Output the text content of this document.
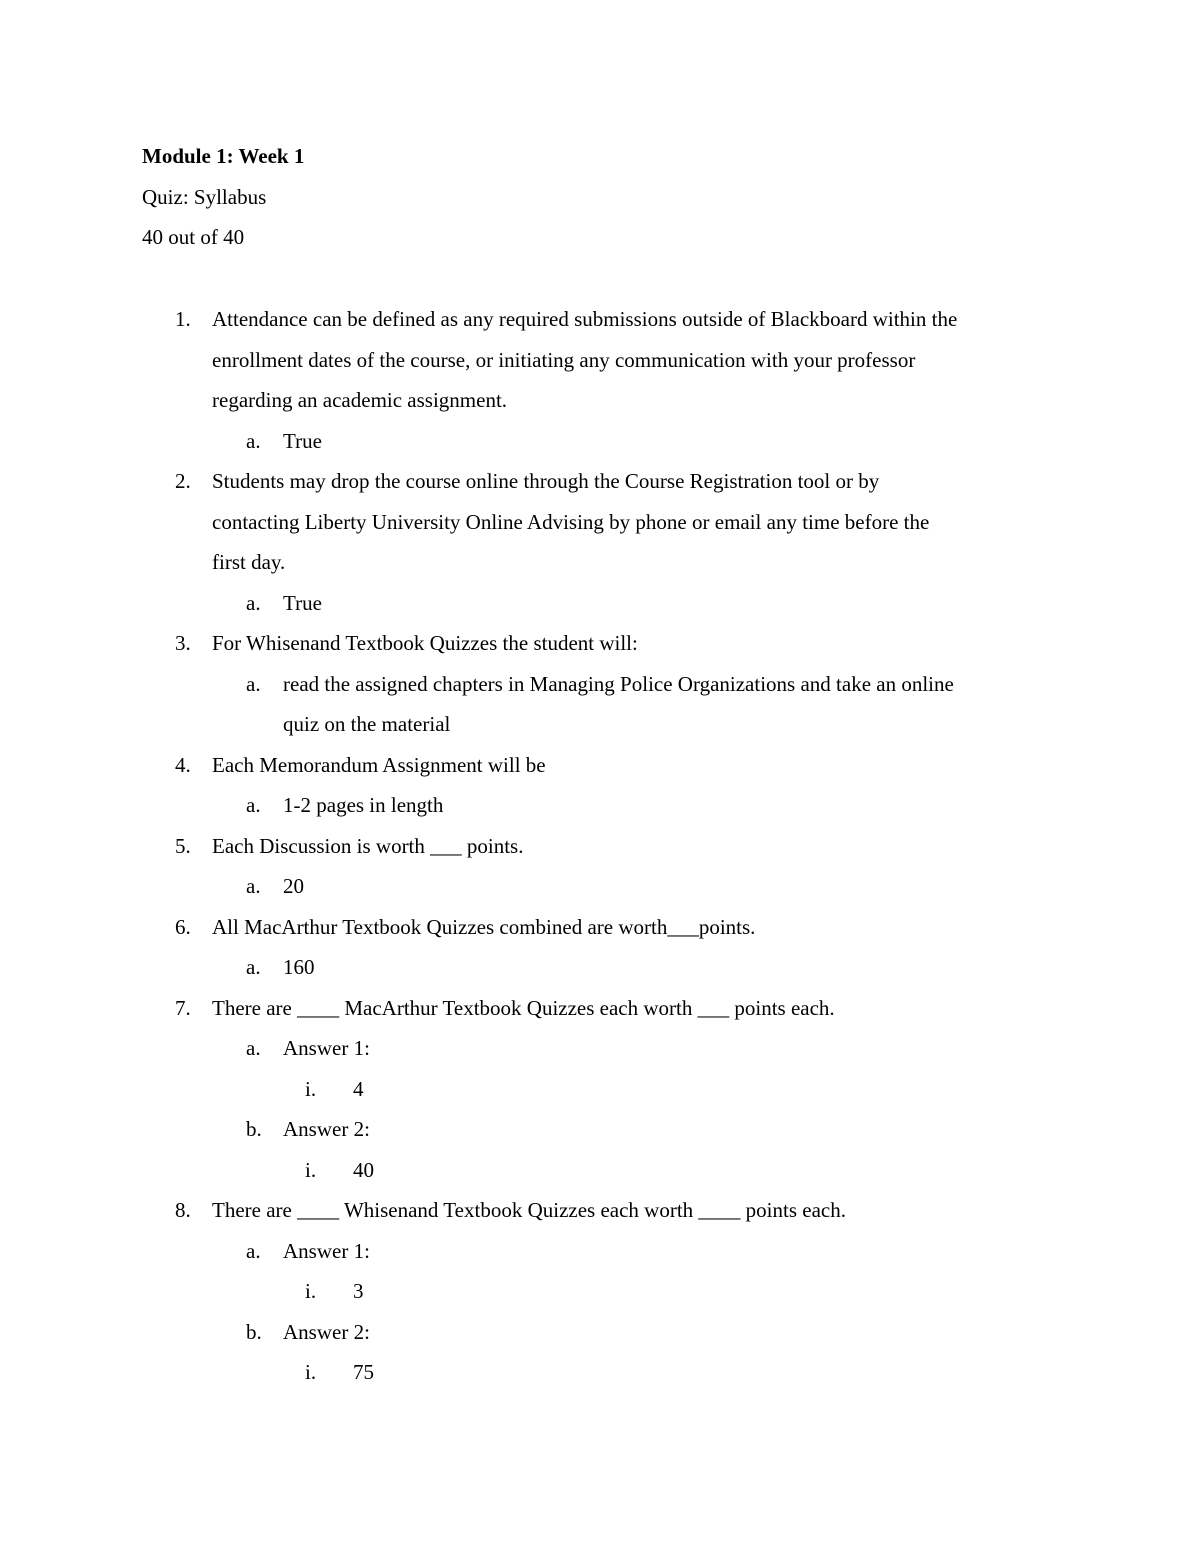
Module 1: Week 1
Quiz: Syllabus
40 out of 40
1. Attendance can be defined as any required submissions outside of Blackboard within the
enrollment dates of the course, or initiating any communication with your professor
regarding an academic assignment.
a. True
2. Students may drop the course online through the Course Registration tool or by
contacting Liberty University Online Advising by phone or email any time before the
first day.
a. True
3. For Whisenand Textbook Quizzes the student will:
a. read the assigned chapters in Managing Police Organizations and take an online
quiz on the material
4. Each Memorandum Assignment will be
a. 1-2 pages in length
5. Each Discussion is worth ___ points.
a. 20
6. All MacArthur Textbook Quizzes combined are worth___points.
a. 160
7. There are ____ MacArthur Textbook Quizzes each worth ___ points each.
a. Answer 1:
i. 4
b. Answer 2:
i. 40
8. There are ____ Whisenand Textbook Quizzes each worth ____ points each.
a. Answer 1:
i. 3
b. Answer 2:
i. 75
